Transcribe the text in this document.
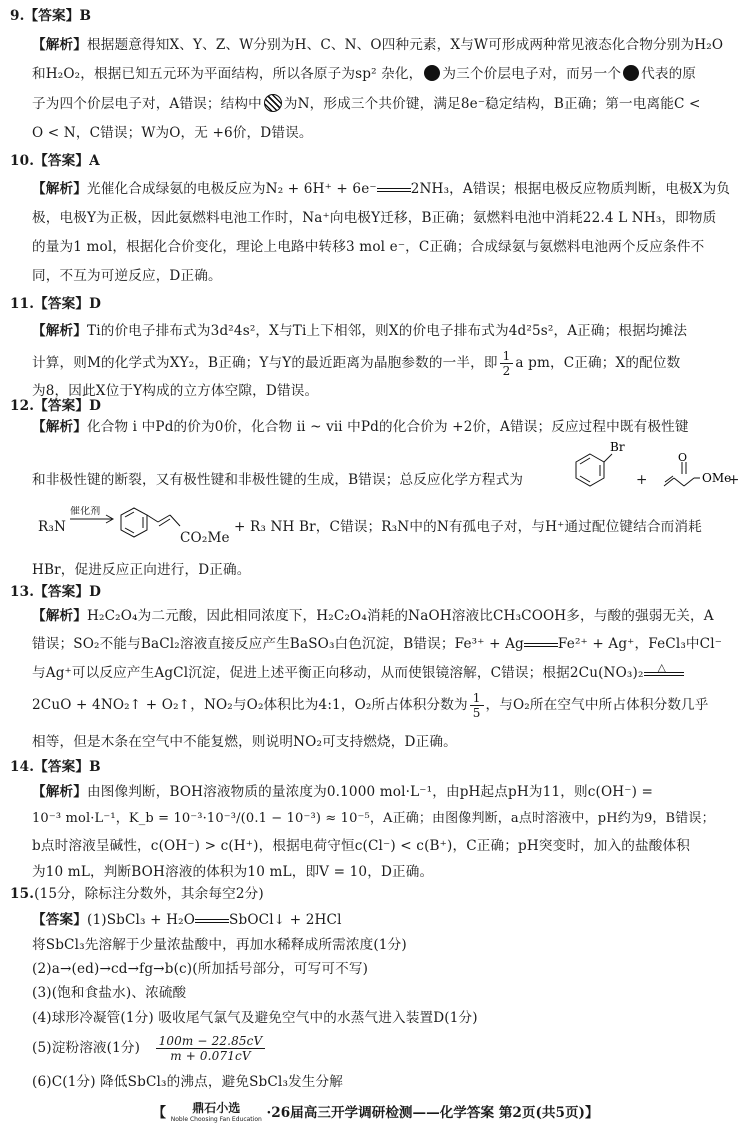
9.【答案】B
【解析】根据题意得知X、Y、Z、W分别为H、C、N、O四种元素，X与W可形成两种常见液态化合物分别为H₂O
和H₂O₂，根据已知五元环为平面结构，所以各原子为sp² 杂化， 为三个价层电子对，而另一个 代表的原
子为四个价层电子对，A错误；结构中 为N，形成三个共价键，满足8e⁻稳定结构，B正确；第一电离能C <
O < N，C错误；W为O，无 +6价，D错误。
10.【答案】A
【解析】光催化合成绿氨的电极反应为N₂ + 6H⁺ + 6e⁻	2NH₃，A错误；根据电极反应物质判断，电极X为负
极，电极Y为正极，因此氨燃料电池工作时，Na⁺向电极Y迁移，B正确；氨燃料电池中消耗22.4 L NH₃，即物质
的量为1 mol，根据化合价变化，理论上电路中转移3 mol e⁻，C正确；合成绿氨与氨燃料电池两个反应条件不
同，不互为可逆反应，D正确。
11.【答案】D
【解析】Ti的价电子排布式为3d²4s²，X与Ti上下相邻，则X的价电子排布式为4d²5s²，A正确；根据均摊法
计算，则M的化学式为XY₂，B正确；Y与Y的最近距离为晶胞参数的一半，即 $\frac{1}{2}$ a pm，C正确；X的配位数
为8，因此X位于Y构成的立方体空隙，D错误。
12.【答案】D
【解析】化合物 ⅰ 中Pd的价为0价，化合物 ⅱ ~ ⅶ 中Pd的化合价为 +2价，A错误；反应过程中既有极性键
和非极性键的断裂，又有极性键和非极性键的生成，B错误；总反应化学方程式为
Br
+
O
OMe
+
R₃N
催化剂
CO₂Me
+ R₃ NH Br，C错误；R₃N中的N有孤电子对，与H⁺通过配位键结合而消耗
HBr，促进反应正向进行，D正确。
13.【答案】D
【解析】H₂C₂O₄为二元酸，因此相同浓度下，H₂C₂O₄消耗的NaOH溶液比CH₃COOH多，与酸的强弱无关，A
错误；SO₂不能与BaCl₂溶液直接反应产生BaSO₃白色沉淀，B错误；Fe³⁺ + Ag	Fe²⁺ + Ag⁺，FeCl₃中Cl⁻
与Ag⁺可以反应产生AgCl沉淀，促进上述平衡正向移动，从而使银镜溶解，C错误；根据2Cu(NO₃)₂ △
2CuO + 4NO₂↑ + O₂↑，NO₂与O₂体积比为4:1，O₂所占体积分数为 $\frac{1}{5}$ ，与O₂所在空气中所占体积分数几乎
相等，但是木条在空气中不能复燃，则说明NO₂可支持燃烧，D正确。
14.【答案】B
【解析】由图像判断，BOH溶液物质的量浓度为0.1000 mol·L⁻¹，由pH起点pH为11，则c(OH⁻) =
10⁻³ mol·L⁻¹，K_b = 10⁻³·10⁻³/(0.1 − 10⁻³) ≈ 10⁻⁵，A正确；由图像判断，a点时溶液中，pH约为9，B错误；
b点时溶液呈碱性，c(OH⁻) > c(H⁺)，根据电荷守恒c(Cl⁻) < c(B⁺)，C正确；pH突变时，加入的盐酸体积
为10 mL，判断BOH溶液的体积为10 mL，即V = 10，D正确。
15.(15分，除标注分数外，其余每空2分)
【答案】(1)SbCl₃ + H₂O	SbOCl↓ + 2HCl
将SbCl₃先溶解于少量浓盐酸中，再加水稀释成所需浓度(1分)
(2)a→(ed)→cd→fg→b(c)(所加括号部分，可写可不写)
(3)(饱和食盐水)、浓硫酸
(4)球形冷凝管(1分) 吸收尾气氯气及避免空气中的水蒸气进入装置D(1分)
(5)淀粉溶液(1分) $\frac{100m - 22.85cV}{m + 0.071cV}$
(6)C(1分) 降低SbCl₃的沸点，避免SbCl₃发生分解
【 鼎石小选
Noble Choosing Fan Education ·26届高三开学调研检测——化学答案 第2页(共5页)】
